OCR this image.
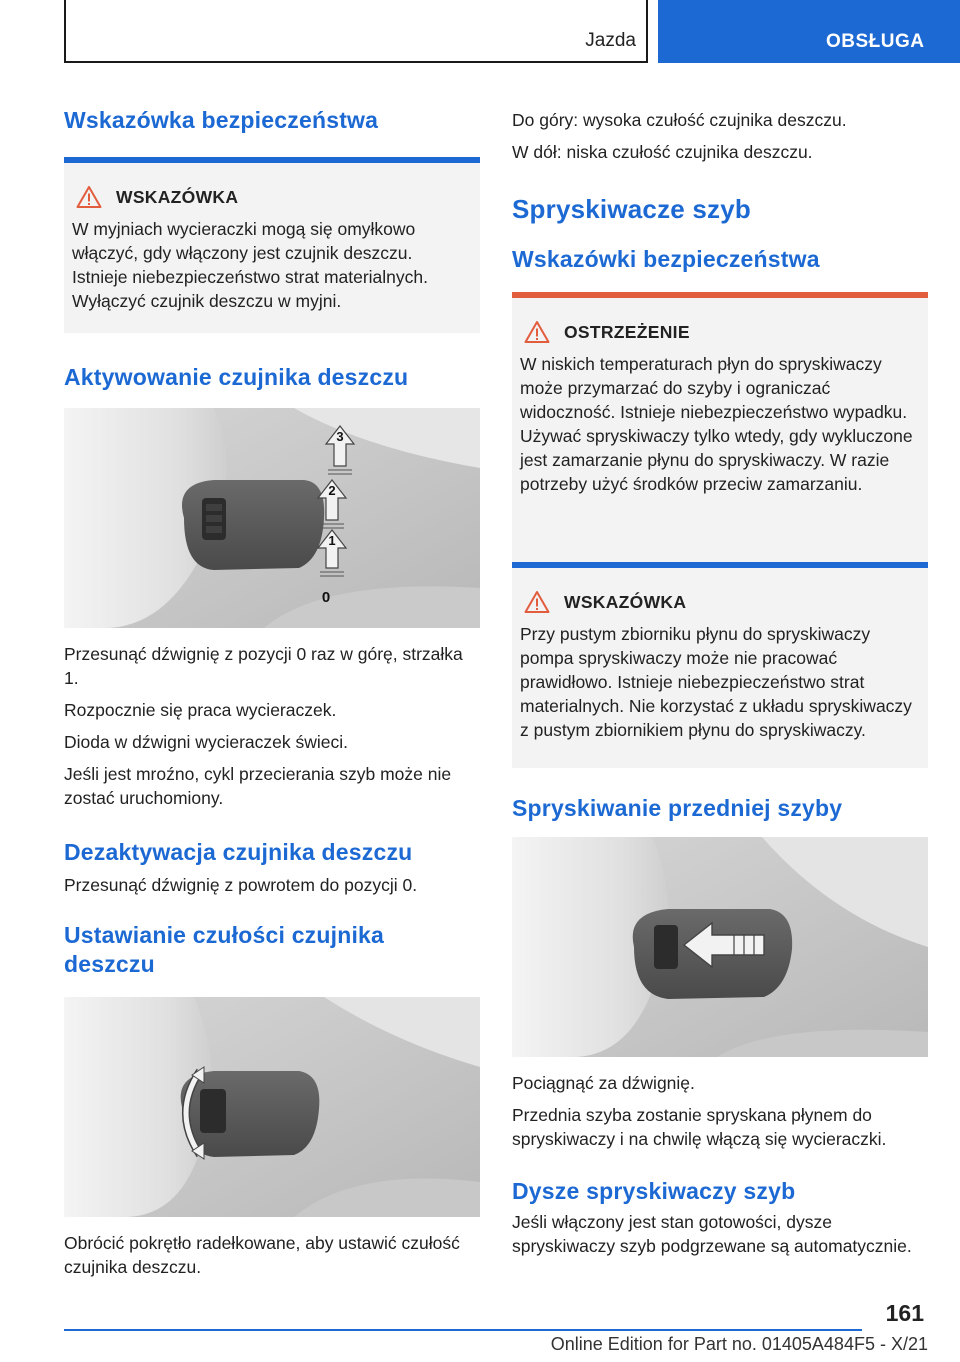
Jazda	OBSŁUGA
Wskazówka bezpieczeństwa
WSKAZÓWKA

W myjniach wycieraczki mogą się omyłkowo włączyć, gdy włączony jest czujnik deszczu. Istnieje niebezpieczeństwo strat materialnych. Wyłączyć czujnik deszczu w myjni.

Aktywowanie czujnika deszczu
3
2
1
0

Przesunąć dźwignię z pozycji 0 raz w górę, strzałka 1.

Rozpocznie się praca wycieraczek.

Dioda w dźwigni wycieraczek świeci.

Jeśli jest mroźno, cykl przecierania szyb może nie zostać uruchomiony.

Dezaktywacja czujnika deszczu

Przesunąć dźwignię z powrotem do pozycji 0.

Ustawianie czułości czujnika deszczu

Obrócić pokrętło radełkowane, aby ustawić czułość czujnika deszczu.

Do góry: wysoka czułość czujnika deszczu.

W dół: niska czułość czujnika deszczu.

Spryskiwacze szyb
Wskazówki bezpieczeństwa
OSTRZEŻENIE

W niskich temperaturach płyn do spryskiwaczy może przymarzać do szyby i ograniczać widoczność. Istnieje niebezpieczeństwo wypadku. Używać spryskiwaczy tylko wtedy, gdy wykluczone jest zamarzanie płynu do spryskiwaczy. W razie potrzeby użyć środków przeciw zamarzaniu.

WSKAZÓWKA

Przy pustym zbiorniku płynu do spryskiwaczy pompa spryskiwaczy może nie pracować prawidłowo. Istnieje niebezpieczeństwo strat materialnych. Nie korzystać z układu spryskiwaczy z pustym zbiornikiem płynu do spryskiwaczy.

Spryskiwanie przedniej szyby

Pociągnąć za dźwignię.

Przednia szyba zostanie spryskana płynem do spryskiwaczy i na chwilę włączą się wycieraczki.

Dysze spryskiwaczy szyb

Jeśli włączony jest stan gotowości, dysze spryskiwaczy szyb podgrzewane są automatycznie.

161
Online Edition for Part no. 01405A484F5 - X/21
